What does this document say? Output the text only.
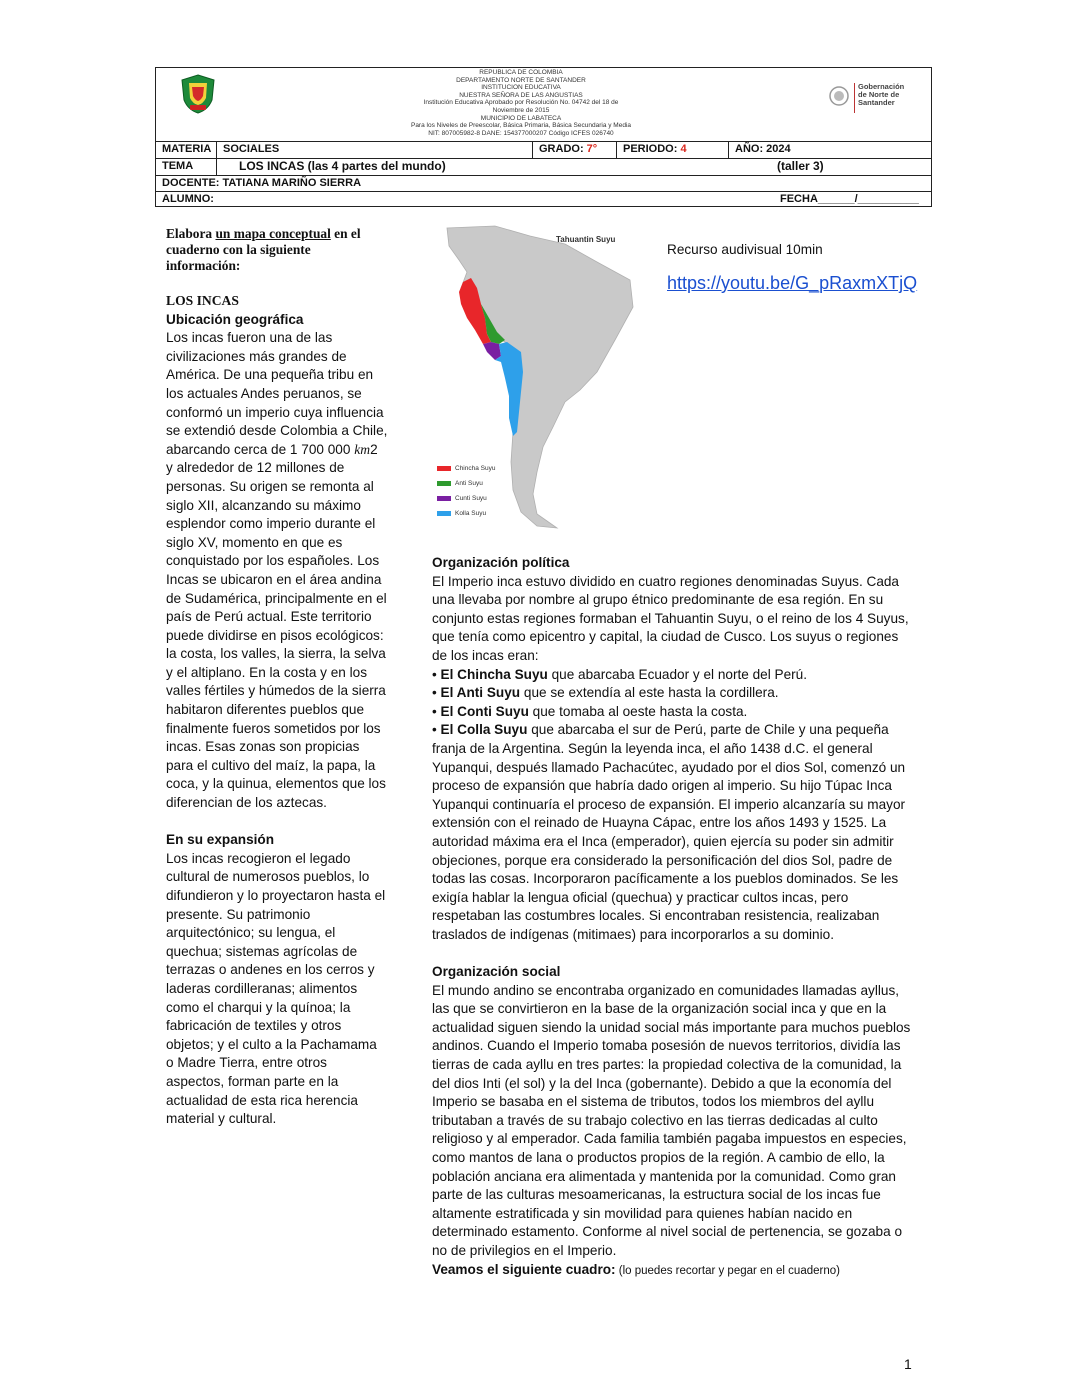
REPUBLICA DE COLOMBIA
DEPARTAMENTO NORTE DE SANTANDER
INSTITUCION EDUCATIVA
NUESTRA SEÑORA DE LAS ANGUSTIAS
Institución Educativa Aprobado por Resolución No. 04742 del 18 de
Noviembre de 2015
MUNICIPIO DE LABATECA
Para los Niveles de Preescolar, Básica Primaria, Básica Secundaria y Media
NIT: 807005982-8 DANE: 154377000207 Código ICFES 026740
Gobernación
de Norte de
Santander
MATERIA	SOCIALES	GRADO: 7°	PERIODO: 4	AÑO: 2024
TEMA	LOS INCAS (las 4 partes del mundo)	(taller 3)
DOCENTE: TATIANA MARIÑO SIERRA
ALUMNO:	FECHA______/__________

Elabora un mapa conceptual en el cuaderno con la siguiente información:

LOS INCAS

Ubicación geográfica

Los incas fueron una de las civilizaciones más grandes de América. De una pequeña tribu en los actuales Andes peruanos, se conformó un imperio cuya influencia se extendió desde Colombia a Chile, abarcando cerca de 1 700 000 km2 y alrededor de 12 millones de personas. Su origen se remonta al siglo XII, alcanzando su máximo esplendor como imperio durante el siglo XV, momento en que es conquistado por los españoles. Los Incas se ubicaron en el área andina de Sudamérica, principalmente en el país de Perú actual. Este territorio puede dividirse en pisos ecológicos: la costa, los valles, la sierra, la selva y el altiplano. En la costa y en los valles fértiles y húmedos de la sierra habitaron diferentes pueblos que finalmente fueros sometidos por los incas. Esas zonas son propicias para el cultivo del maíz, la papa, la coca, y la quinua, elementos que los diferencian de los aztecas.

En su expansión

Los incas recogieron el legado cultural de numerosos pueblos, lo difundieron y lo proyectaron hasta el presente. Su patrimonio arquitectónico; su lengua, el quechua; sistemas agrícolas de terrazas o andenes en los cerros y laderas cordilleranas; alimentos como el charqui y la quínoa; la fabricación de textiles y otros objetos; y el culto a la Pachamama o Madre Tierra, entre otros aspectos, forman parte en la actualidad de esta rica herencia material y cultural.

Tahuantin Suyu
Chincha Suyu
Anti Suyu
Cunti Suyu
Kolla Suyu
Recurso audivisual 10min
https://youtu.be/G_pRaxmXTjQ

Organización política

El Imperio inca estuvo dividido en cuatro regiones denominadas Suyus. Cada una llevaba por nombre al grupo étnico predominante de esa región. En su conjunto estas regiones formaban el Tahuantin Suyu, o el reino de los 4 Suyus, que tenía como epicentro y capital, la ciudad de Cusco. Los suyus o regiones de los incas eran:

• El Chincha Suyu que abarcaba Ecuador y el norte del Perú.

• El Anti Suyu que se extendía al este hasta la cordillera.

• El Conti Suyu que tomaba al oeste hasta la costa.

• El Colla Suyu que abarcaba el sur de Perú, parte de Chile y una pequeña franja de la Argentina. Según la leyenda inca, el año 1438 d.C. el general Yupanqui, después llamado Pachacútec, ayudado por el dios Sol, comenzó un proceso de expansión que habría dado origen al imperio. Su hijo Túpac Inca Yupanqui continuaría el proceso de expansión. El imperio alcanzaría su mayor extensión con el reinado de Huayna Cápac, entre los años 1493 y 1525. La autoridad máxima era el Inca (emperador), quien ejercía su poder sin admitir objeciones, porque era considerado la personificación del dios Sol, padre de todas las cosas. Incorporaron pacíficamente a los pueblos dominados. Se les exigía hablar la lengua oficial (quechua) y practicar cultos incas, pero respetaban las costumbres locales. Si encontraban resistencia, realizaban traslados de indígenas (mitimaes) para incorporarlos a su dominio.

Organización social

El mundo andino se encontraba organizado en comunidades llamadas ayllus, las que se convirtieron en la base de la organización social inca y que en la actualidad siguen siendo la unidad social más importante para muchos pueblos andinos. Cuando el Imperio tomaba posesión de nuevos territorios, dividía las tierras de cada ayllu en tres partes: la propiedad colectiva de la comunidad, la del dios Inti (el sol) y la del Inca (gobernante). Debido a que la economía del Imperio se basaba en el sistema de tributos, todos los miembros del ayllu tributaban a través de su trabajo colectivo en las tierras dedicadas al culto religioso y al emperador. Cada familia también pagaba impuestos en especies, como mantos de lana o productos propios de la región. A cambio de ello, la población anciana era alimentada y mantenida por la comunidad. Como gran parte de las culturas mesoamericanas, la estructura social de los incas fue altamente estratificada y sin movilidad para quienes habían nacido en determinado estamento. Conforme al nivel social de pertenencia, se gozaba o no de privilegios en el Imperio.

Veamos el siguiente cuadro: (lo puedes recortar y pegar en el cuaderno)

1
